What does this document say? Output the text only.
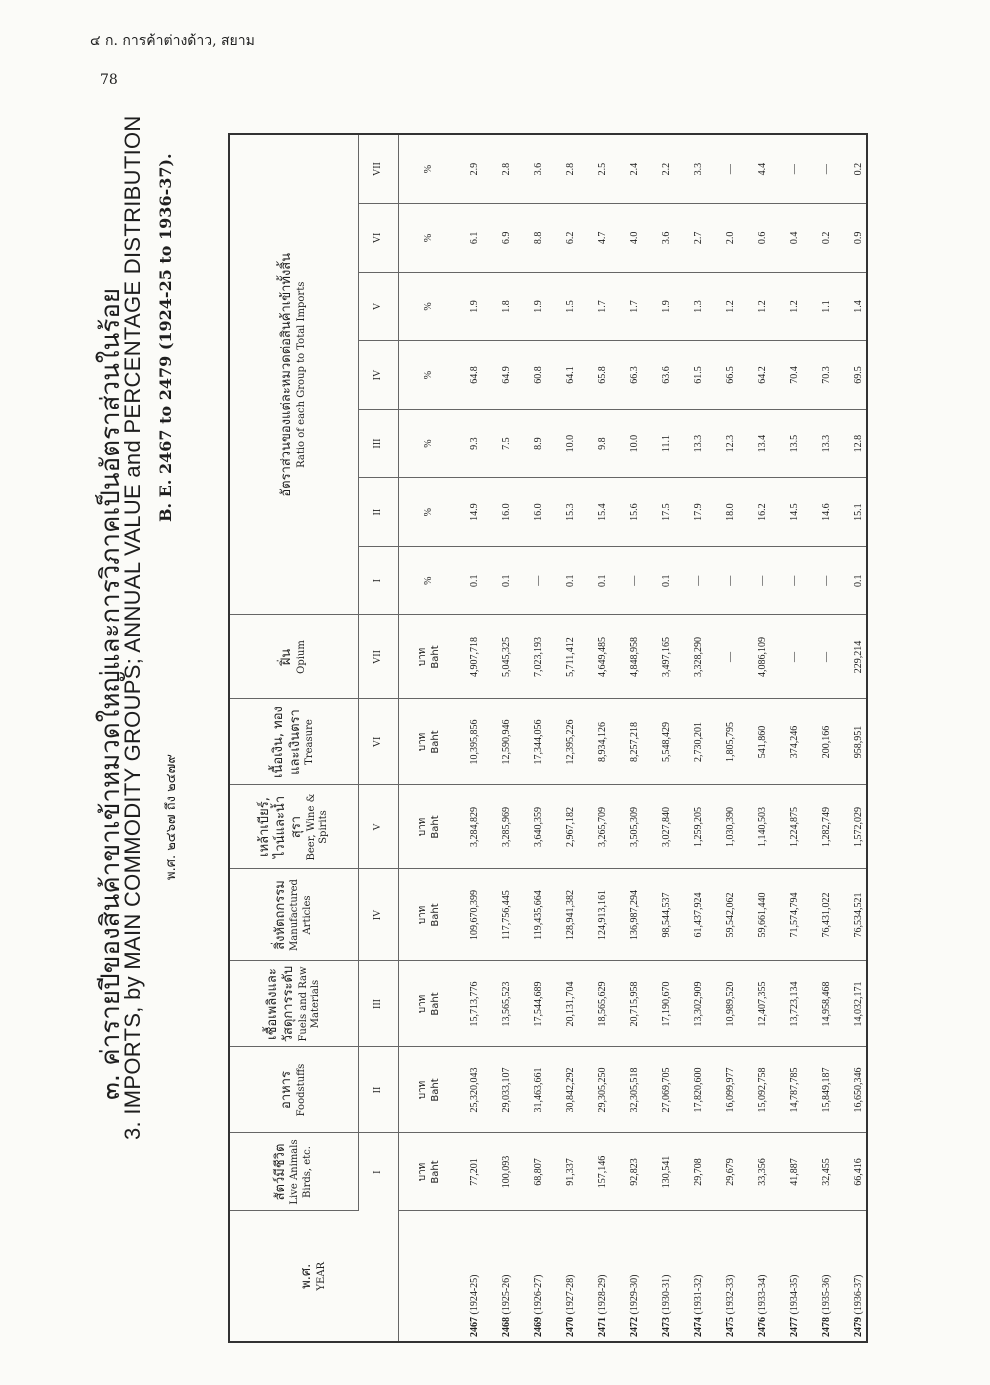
๔ ก. การค้าต่างด้าว, สยาม
78
๓. ค่ารายปีของสินค้าขาเข้าหมวดใหญ่และการวิภาคเป็นอัตราส่วนในร้อย
3. IMPORTS, by MAIN COMMODITY GROUPS; ANNUAL VALUE and PERCENTAGE DISTRIBUTION	พ.ศ. ๒๔๖๗ ถึง ๒๔๗๙
B. E. 2467 to 2479 (1924-25 to 1936-37).
พ.ศ. YEAR	สัตว์มีชีวิต Live Animals Birds, etc.	อาหาร Foodstuffs	เชื้อเพลิงและวัสดุการระดับ Fuels and Raw Materials	สิ่งหัตถกรรม Manufactured Articles	เหล้าเบียร์, ไวน์และน้ำสุรา Beer, Wine & Spirits	เนื้อเงิน, ทอง และเงินตรา Treasure	ฝิ่น Opium	อัตราส่วนของแต่ละหมวดต่อสินค้าเข้าทั้งสิ้น Ratio of each Group to Total Imports						

	I	II	III	IV	V	VI	VII	I	II	III	IV	V	VI	VII

	บาท Baht	บาท Baht	บาท Baht	บาท Baht	บาท Baht	บาท Baht	บาท Baht	%	%	%	%	%	%	%
2467 (1924-25)	77,201	25,320,043	15,713,776	109,670,399	3,284,829	10,395,856	4,907,718	0.1	14.9	9.3	64.8	1.9	6.1	2.9
2468 (1925-26)	100,093	29,033,107	13,565,523	117,756,445	3,285,969	12,590,946	5,045,325	0.1	16.0	7.5	64.9	1.8	6.9	2.8
2469 (1926-27)	68,807	31,463,661	17,544,689	119,435,664	3,640,359	17,344,056	7,023,193	—	16.0	8.9	60.8	1.9	8.8	3.6
2470 (1927-28)	91,337	30,842,292	20,131,704	128,941,382	2,967,182	12,395,226	5,711,412	0.1	15.3	10.0	64.1	1.5	6.2	2.8
2471 (1928-29)	157,146	29,305,250	18,565,629	124,913,161	3,265,709	8,934,126	4,649,485	0.1	15.4	9.8	65.8	1.7	4.7	2.5
2472 (1929-30)	92,823	32,305,518	20,715,958	136,987,294	3,505,309	8,257,218	4,848,958	—	15.6	10.0	66.3	1.7	4.0	2.4
2473 (1930-31)	130,541	27,069,705	17,190,670	98,544,537	3,027,840	5,548,429	3,497,165	0.1	17.5	11.1	63.6	1.9	3.6	2.2
2474 (1931-32)	29,708	17,820,600	13,302,909	61,437,924	1,259,205	2,730,201	3,328,290	—	17.9	13.3	61.5	1.3	2.7	3.3
2475 (1932-33)	29,679	16,099,977	10,989,520	59,542,062	1,030,390	1,805,795	—	—	18.0	12.3	66.5	1.2	2.0	—
2476 (1933-34)	33,356	15,092,758	12,407,355	59,661,440	1,140,503	541,860	4,086,109	—	16.2	13.4	64.2	1.2	0.6	4.4
2477 (1934-35)	41,887	14,787,785	13,723,134	71,574,794	1,224,875	374,246	—	—	14.5	13.5	70.4	1.2	0.4	—
2478 (1935-36)	32,455	15,849,187	14,958,468	76,431,022	1,282,749	200,166	—	—	14.6	13.3	70.3	1.1	0.2	—
2479 (1936-37)	66,416	16,650,346	14,032,171	76,534,521	1,572,029	958,951	229,214	0.1	15.1	12.8	69.5	1.4	0.9	0.2
